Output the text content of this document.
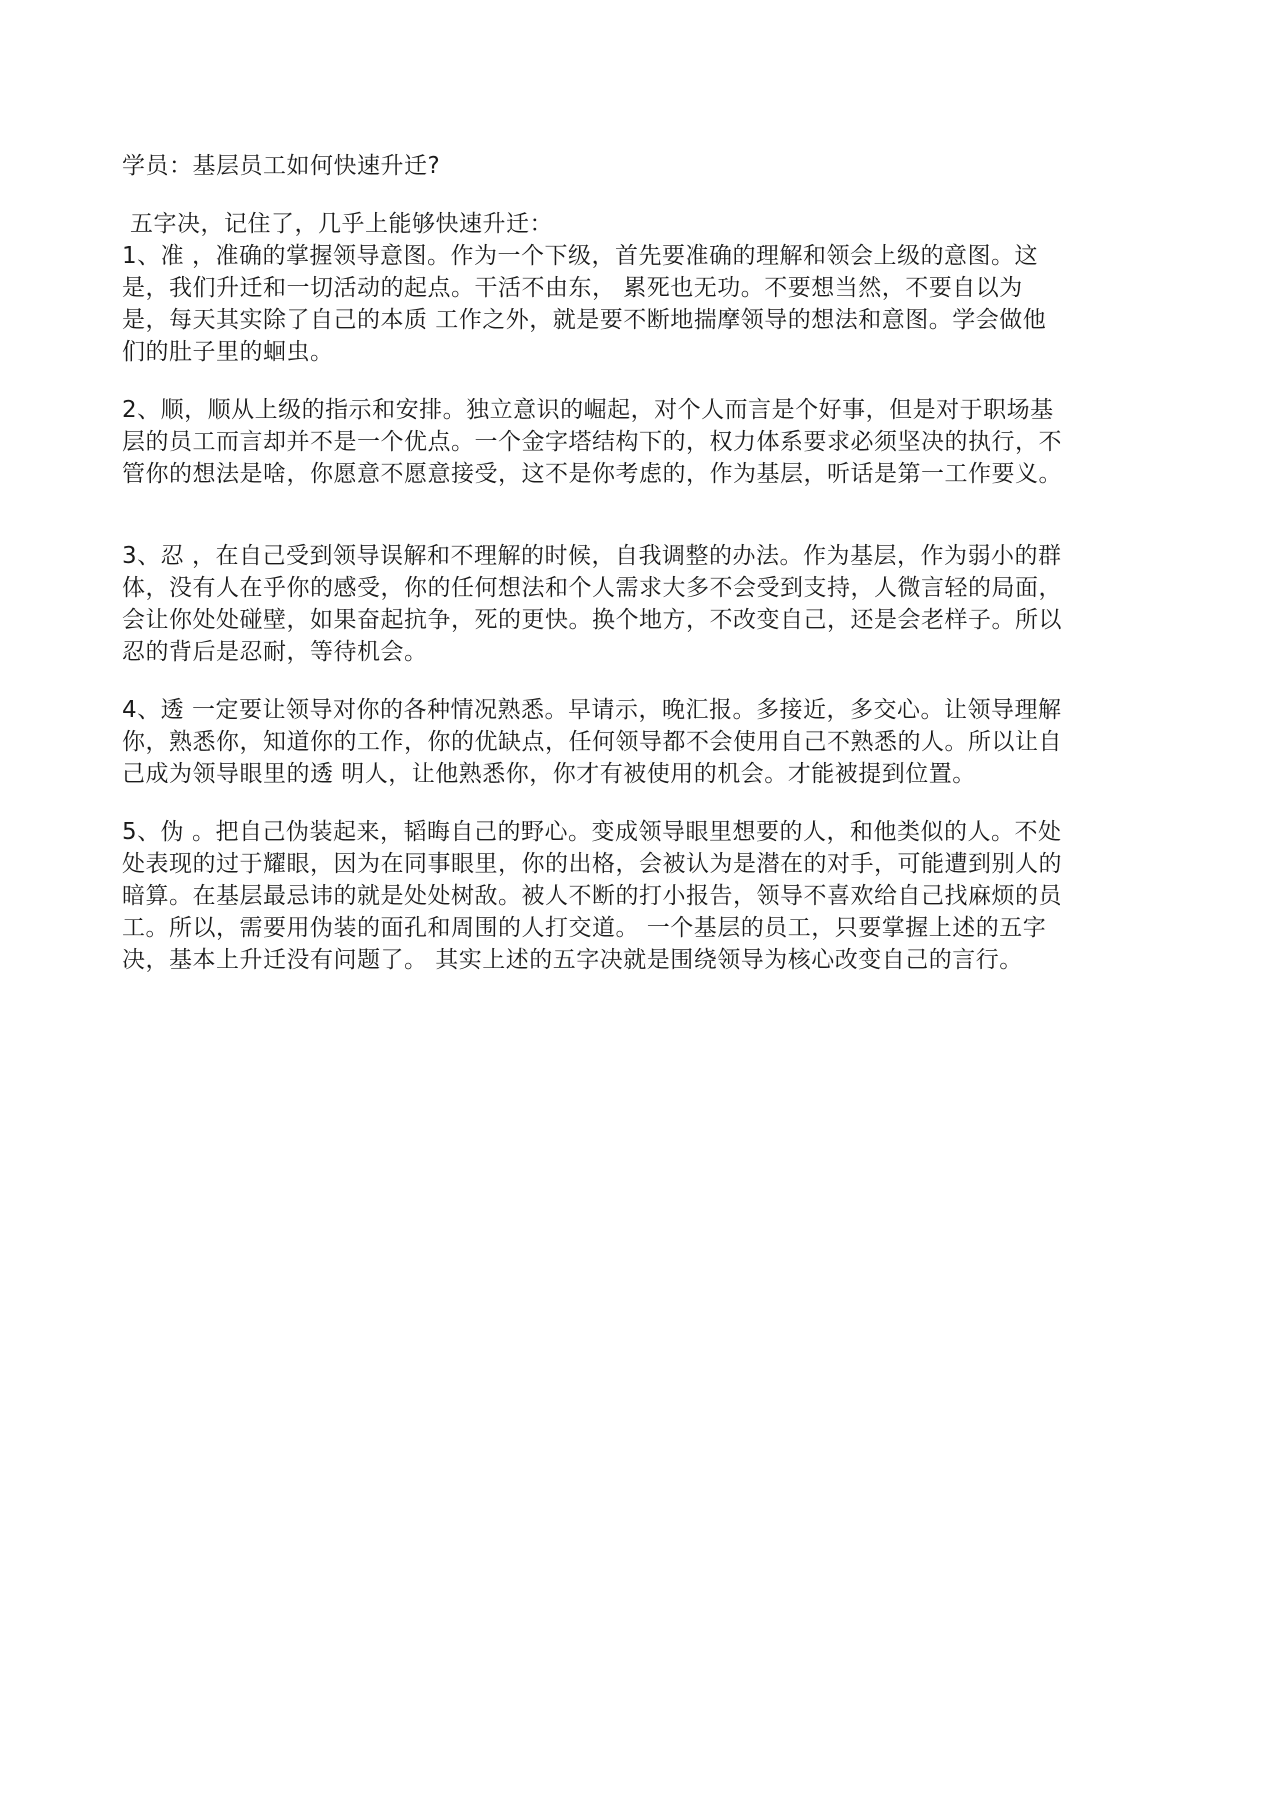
学员：基层员工如何快速升迁?
五字决，记住了，几乎上能够快速升迁：
1、准 ，准确的掌握领导意图。作为一个下级，首先要准确的理解和领会上级的意图。这
是，我们升迁和一切活动的起点。干活不由东， 累死也无功。不要想当然，不要自以为
是，每天其实除了自己的本质 工作之外，就是要不断地揣摩领导的想法和意图。学会做他
们的肚子里的蛔虫。
2、顺，顺从上级的指示和安排。独立意识的崛起，对个人而言是个好事，但是对于职场基
层的员工而言却并不是一个优点。一个金字塔结构下的，权力体系要求必须坚决的执行，不
管你的想法是啥，你愿意不愿意接受，这不是你考虑的，作为基层，听话是第一工作要义。
3、忍 ，在自己受到领导误解和不理解的时候，自我调整的办法。作为基层，作为弱小的群
体，没有人在乎你的感受，你的任何想法和个人需求大多不会受到支持，人微言轻的局面，
会让你处处碰壁，如果奋起抗争，死的更快。换个地方，不改变自己，还是会老样子。所以
忍的背后是忍耐，等待机会。
4、透 一定要让领导对你的各种情况熟悉。早请示，晚汇报。多接近，多交心。让领导理解
你，熟悉你，知道你的工作，你的优缺点，任何领导都不会使用自己不熟悉的人。所以让自
己成为领导眼里的透 明人，让他熟悉你，你才有被使用的机会。才能被提到位置。
5、伪 。把自己伪装起来，韬晦自己的野心。变成领导眼里想要的人，和他类似的人。不处
处表现的过于耀眼，因为在同事眼里，你的出格，会被认为是潜在的对手，可能遭到别人的
暗算。在基层最忌讳的就是处处树敌。被人不断的打小报告，领导不喜欢给自己找麻烦的员
工。所以，需要用伪装的面孔和周围的人打交道。 一个基层的员工，只要掌握上述的五字
决，基本上升迁没有问题了。 其实上述的五字决就是围绕领导为核心改变自己的言行。
